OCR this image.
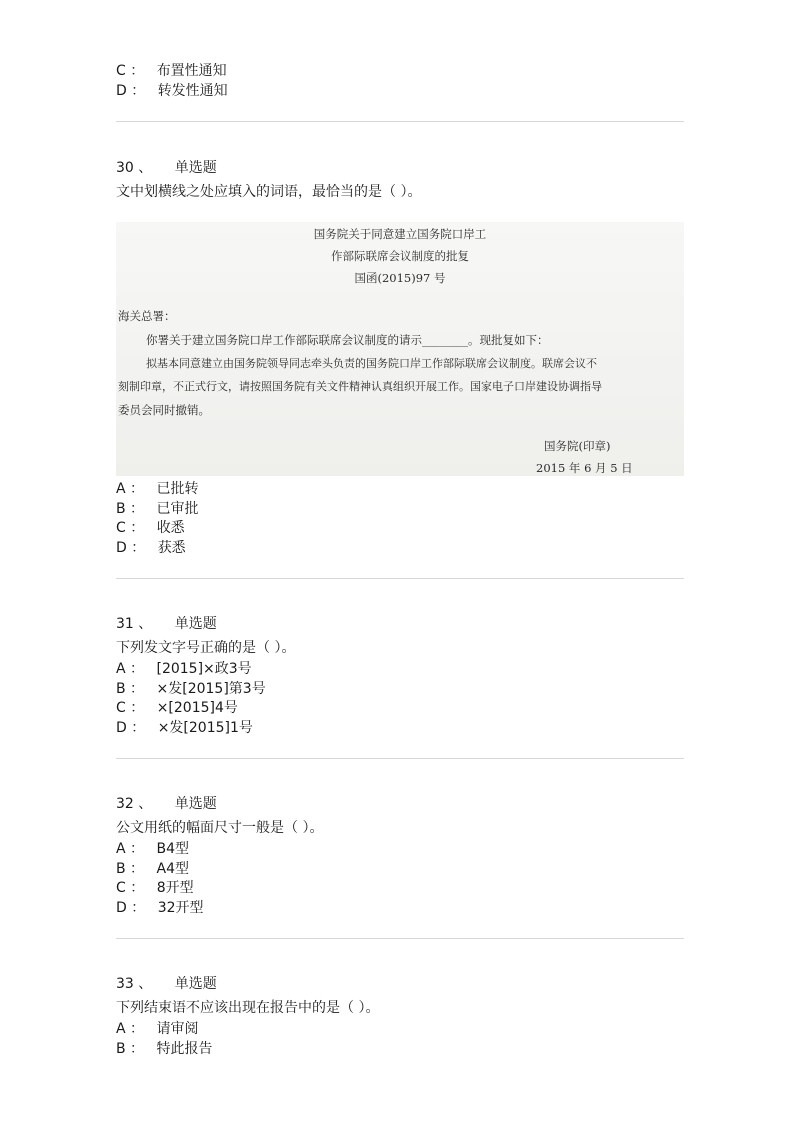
C ： 布置性通知
D ： 转发性通知
30 、 单选题
文中划横线之处应填入的词语，最恰当的是（ ）。
国务院关于同意建立国务院口岸工
作部际联席会议制度的批复
国函(2015)97 号
海关总署：
你署关于建立国务院口岸工作部际联席会议制度的请示________。现批复如下：
拟基本同意建立由国务院领导同志牵头负责的国务院口岸工作部际联席会议制度。联席会议不
刻制印章，不正式行文，请按照国务院有关文件精神认真组织开展工作。国家电子口岸建设协调指导
委员会同时撤销。
国务院(印章)
2015 年 6 月 5 日
A ： 已批转
B ： 已审批
C ： 收悉
D ： 获悉
31 、 单选题
下列发文字号正确的是（ ）。
A ： [2015]×政3号
B ： ×发[2015]第3号
C ： ×[2015]4号
D ： ×发[2015]1号
32 、 单选题
公文用纸的幅面尺寸一般是（ ）。
A ： B4型
B ： A4型
C ： 8开型
D ： 32开型
33 、 单选题
下列结束语不应该出现在报告中的是（ ）。
A ： 请审阅
B ： 特此报告
